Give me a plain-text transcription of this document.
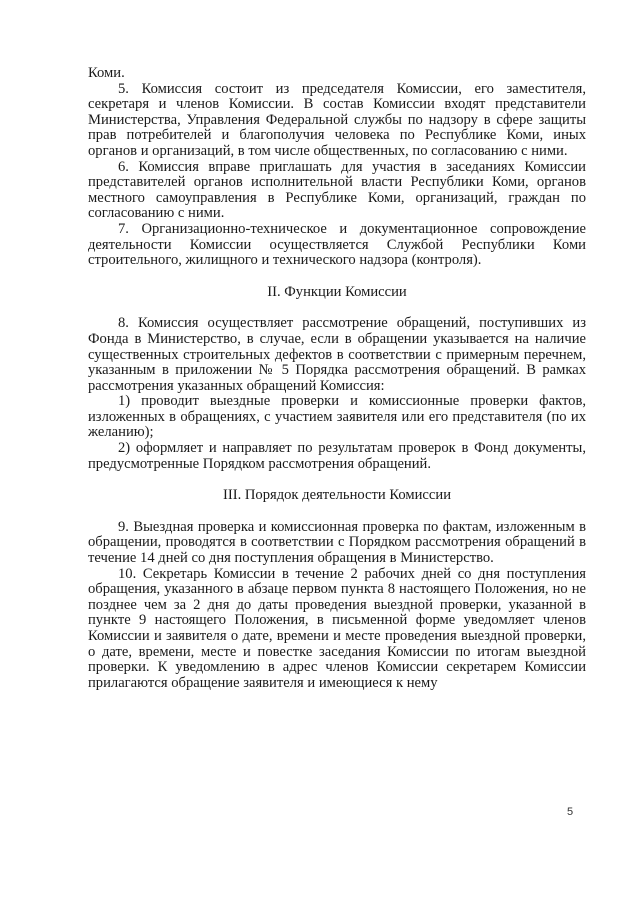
Коми.

5. Комиссия состоит из председателя Комиссии, его заместителя, секретаря и членов Комиссии. В состав Комиссии входят представители Министерства, Управления Федеральной службы по надзору в сфере защиты прав потребителей и благополучия человека по Республике Коми, иных органов и организаций, в том числе общественных, по согласованию с ними.

6. Комиссия вправе приглашать для участия в заседаниях Комиссии представителей органов исполнительной власти Республики Коми, органов местного самоуправления в Республике Коми, организаций, граждан по согласованию с ними.

7. Организационно-техническое и документационное сопровождение деятельности Комиссии осуществляется Службой Республики Коми строительного, жилищного и технического надзора (контроля).

II. Функции Комиссии

8. Комиссия осуществляет рассмотрение обращений, поступивших из Фонда в Министерство, в случае, если в обращении указывается на наличие существенных строительных дефектов в соответствии с примерным перечнем, указанным в приложении № 5 Порядка рассмотрения обращений. В рамках рассмотрения указанных обращений Комиссия:

1) проводит выездные проверки и комиссионные проверки фактов, изложенных в обращениях, с участием заявителя или его представителя (по их желанию);

2) оформляет и направляет по результатам проверок в Фонд документы, предусмотренные Порядком рассмотрения обращений.

III. Порядок деятельности Комиссии

9. Выездная проверка и комиссионная проверка по фактам, изложенным в обращении, проводятся в соответствии с Порядком рассмотрения обращений в течение 14 дней со дня поступления обращения в Министерство.

10. Секретарь Комиссии в течение 2 рабочих дней со дня поступления обращения, указанного в абзаце первом пункта 8 настоящего Положения, но не позднее чем за 2 дня до даты проведения выездной проверки, указанной в пункте 9 настоящего Положения, в письменной форме уведомляет членов Комиссии и заявителя о дате, времени и месте проведения выездной проверки, о дате, времени, месте и повестке заседания Комиссии по итогам выездной проверки. К уведомлению в адрес членов Комиссии секретарем Комиссии прилагаются обращение заявителя и имеющиеся к нему

5
